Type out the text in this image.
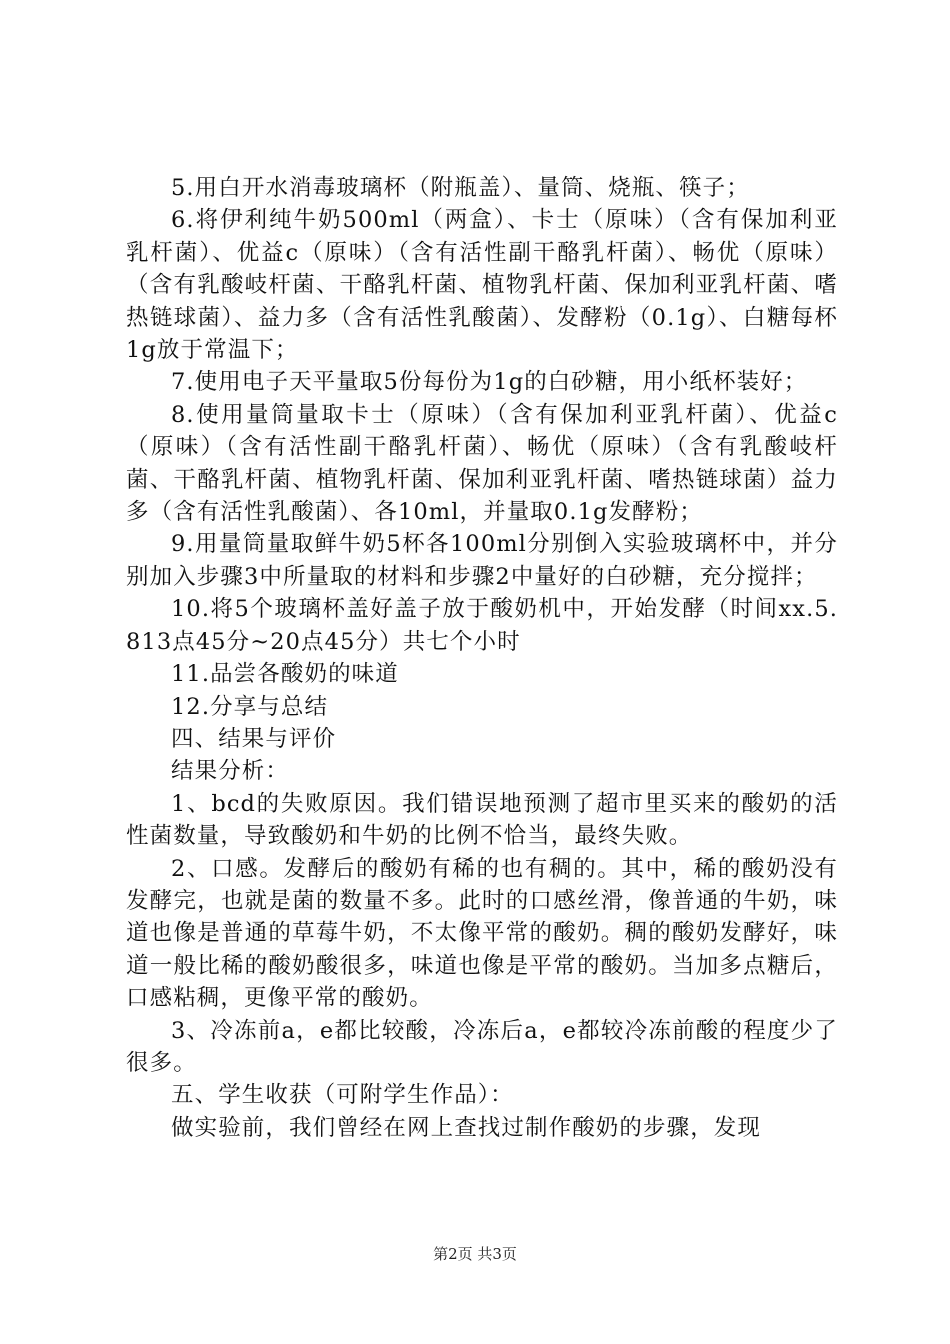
5.用白开水消毒玻璃杯（附瓶盖）、量筒、烧瓶、筷子；

6.将伊利纯牛奶500ml（两盒）、卡士（原味）（含有保加利亚乳杆菌）、优益c（原味）（含有活性副干酪乳杆菌）、畅优（原味）（含有乳酸岐杆菌、干酪乳杆菌、植物乳杆菌、保加利亚乳杆菌、嗜热链球菌）、益力多（含有活性乳酸菌）、发酵粉（0.1g）、白糖每杯1g放于常温下；

7.使用电子天平量取5份每份为1g的白砂糖，用小纸杯装好；

8.使用量筒量取卡士（原味）（含有保加利亚乳杆菌）、优益c（原味）（含有活性副干酪乳杆菌）、畅优（原味）（含有乳酸岐杆菌、干酪乳杆菌、植物乳杆菌、保加利亚乳杆菌、嗜热链球菌）益力多（含有活性乳酸菌）、各10ml，并量取0.1g发酵粉；

9.用量筒量取鲜牛奶5杯各100ml分别倒入实验玻璃杯中，并分别加入步骤3中所量取的材料和步骤2中量好的白砂糖，充分搅拌；

10.将5个玻璃杯盖好盖子放于酸奶机中，开始发酵（时间xx.5.813点45分~20点45分）共七个小时

11.品尝各酸奶的味道

12.分享与总结

四、结果与评价

结果分析：

1、bcd的失败原因。我们错误地预测了超市里买来的酸奶的活性菌数量，导致酸奶和牛奶的比例不恰当，最终失败。

2、口感。发酵后的酸奶有稀的也有稠的。其中，稀的酸奶没有发酵完，也就是菌的数量不多。此时的口感丝滑，像普通的牛奶，味道也像是普通的草莓牛奶，不太像平常的酸奶。稠的酸奶发酵好，味道一般比稀的酸奶酸很多，味道也像是平常的酸奶。当加多点糖后，口感粘稠，更像平常的酸奶。

3、冷冻前a，e都比较酸，冷冻后a，e都较冷冻前酸的程度少了很多。

五、学生收获（可附学生作品）：

做实验前，我们曾经在网上查找过制作酸奶的步骤，发现

第2页 共3页
